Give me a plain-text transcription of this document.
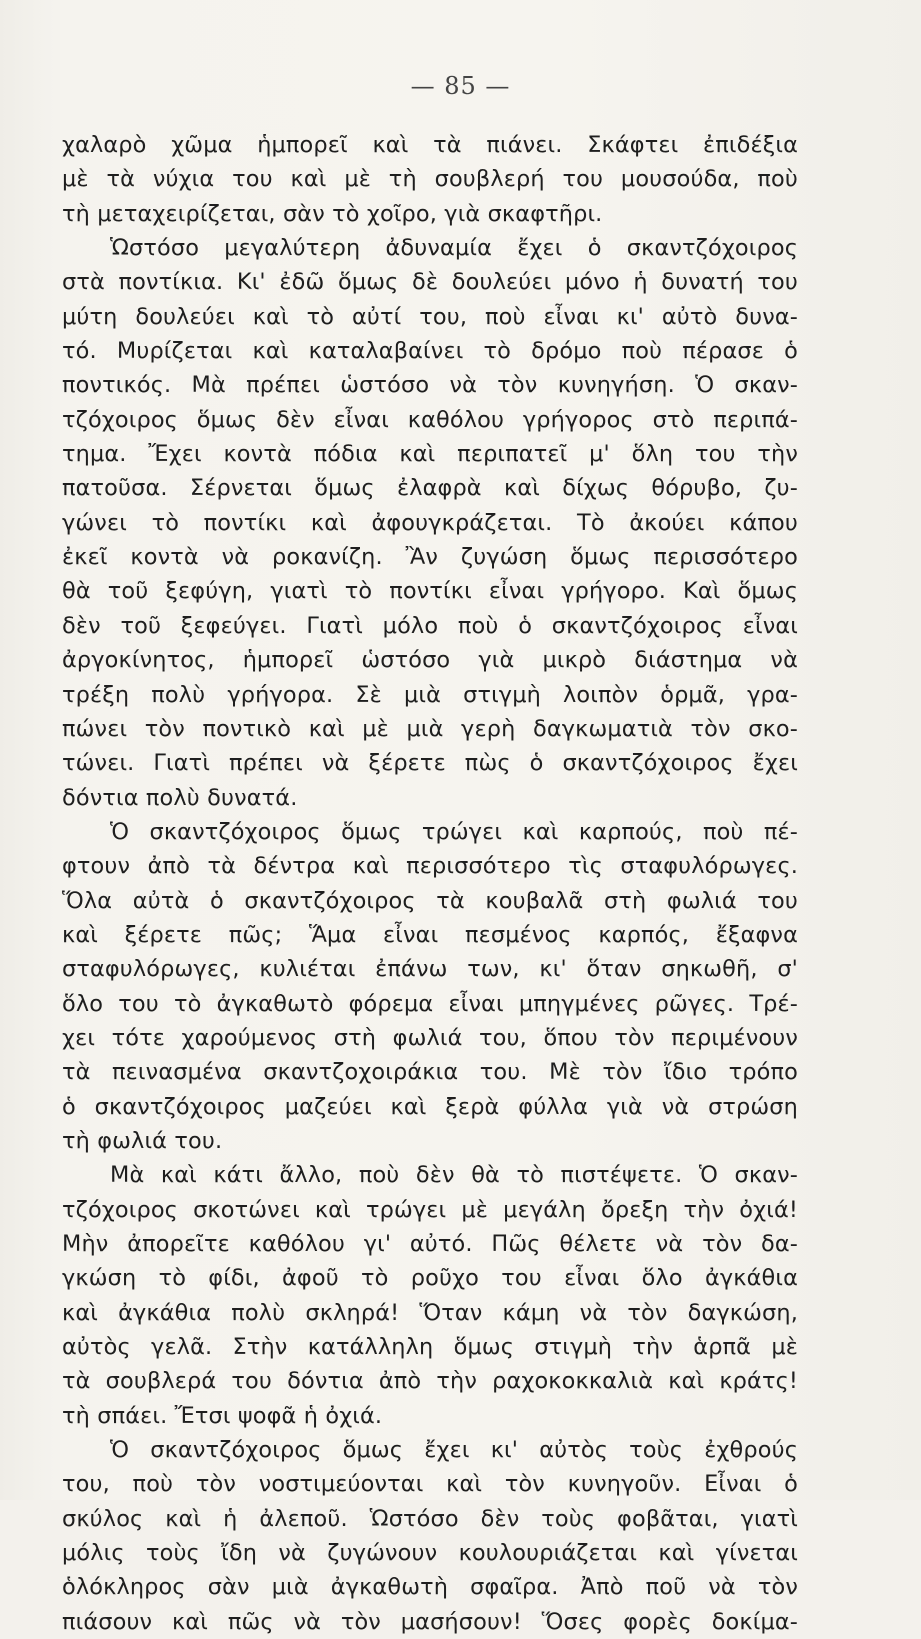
— 85 —
χαλαρὸ χῶμα ἡμπορεῖ καὶ τὰ πιάνει. Σκάφτει ἐπιδέξια
μὲ τὰ νύχια του καὶ μὲ τὴ σουβλερή του μουσούδα, ποὺ
τὴ μεταχειρίζεται, σὰν τὸ χοῖρο, γιὰ σκαφτῆρι.
Ὡστόσο μεγαλύτερη ἀδυναμία ἔχει ὁ σκαντζόχοιρος
στὰ ποντίκια. Κι' ἐδῶ ὅμως δὲ δουλεύει μόνο ἡ δυνατή του
μύτη δουλεύει καὶ τὸ αὐτί του, ποὺ εἶναι κι' αὐτὸ δυνα-
τό. Μυρίζεται καὶ καταλαβαίνει τὸ δρόμο ποὺ πέρασε ὁ
ποντικός. Μὰ πρέπει ὡστόσο νὰ τὸν κυνηγήση. Ὁ σκαν-
τζόχοιρος ὅμως δὲν εἶναι καθόλου γρήγορος στὸ περιπά-
τημα. Ἔχει κοντὰ πόδια καὶ περιπατεῖ μ' ὅλη του τὴν
πατοῦσα. Σέρνεται ὅμως ἐλαφρὰ καὶ δίχως θόρυβο, ζυ-
γώνει τὸ ποντίκι καὶ ἀφουγκράζεται. Τὸ ἀκούει κάπου
ἐκεῖ κοντὰ νὰ ροκανίζη. Ἂν ζυγώση ὅμως περισσότερο
θὰ τοῦ ξεφύγη, γιατὶ τὸ ποντίκι εἶναι γρήγορο. Καὶ ὅμως
δὲν τοῦ ξεφεύγει. Γιατὶ μόλο ποὺ ὁ σκαντζόχοιρος εἶναι
ἀργοκίνητος, ἡμπορεῖ ὡστόσο γιὰ μικρὸ διάστημα νὰ
τρέξη πολὺ γρήγορα. Σὲ μιὰ στιγμὴ λοιπὸν ὁρμᾶ, γρα-
πώνει τὸν ποντικὸ καὶ μὲ μιὰ γερὴ δαγκωματιὰ τὸν σκο-
τώνει. Γιατὶ πρέπει νὰ ξέρετε πὼς ὁ σκαντζόχοιρος ἔχει
δόντια πολὺ δυνατά.
Ὁ σκαντζόχοιρος ὅμως τρώγει καὶ καρπούς, ποὺ πέ-
φτουν ἀπὸ τὰ δέντρα καὶ περισσότερο τὶς σταφυλόρωγες.
Ὅλα αὐτὰ ὁ σκαντζόχοιρος τὰ κουβαλᾶ στὴ φωλιά του
καὶ ξέρετε πῶς; Ἅμα εἶναι πεσμένος καρπός, ἔξαφνα
σταφυλόρωγες, κυλιέται ἐπάνω των, κι' ὅταν σηκωθῆ, σ'
ὅλο του τὸ ἀγκαθωτὸ φόρεμα εἶναι μπηγμένες ρῶγες. Τρέ-
χει τότε χαρούμενος στὴ φωλιά του, ὅπου τὸν περιμένουν
τὰ πεινασμένα σκαντζοχοιράκια του. Μὲ τὸν ἴδιο τρόπο
ὁ σκαντζόχοιρος μαζεύει καὶ ξερὰ φύλλα γιὰ νὰ στρώση
τὴ φωλιά του.
Μὰ καὶ κάτι ἄλλο, ποὺ δὲν θὰ τὸ πιστέψετε. Ὁ σκαν-
τζόχοιρος σκοτώνει καὶ τρώγει μὲ μεγάλη ὄρεξη τὴν ὀχιά!
Μὴν ἀπορεῖτε καθόλου γι' αὐτό. Πῶς θέλετε νὰ τὸν δα-
γκώση τὸ φίδι, ἀφοῦ τὸ ροῦχο του εἶναι ὅλο ἀγκάθια
καὶ ἀγκάθια πολὺ σκληρά! Ὅταν κάμη νὰ τὸν δαγκώση,
αὐτὸς γελᾶ. Στὴν κατάλληλη ὅμως στιγμὴ τὴν ἁρπᾶ μὲ
τὰ σουβλερά του δόντια ἀπὸ τὴν ραχοκοκκαλιὰ καὶ κράτς!
τὴ σπάει. Ἔτσι ψοφᾶ ἡ ὀχιά.
Ὁ σκαντζόχοιρος ὅμως ἔχει κι' αὐτὸς τοὺς ἐχθρούς
του, ποὺ τὸν νοστιμεύονται καὶ τὸν κυνηγοῦν. Εἶναι ὁ
σκύλος καὶ ἡ ἀλεποῦ. Ὡστόσο δὲν τοὺς φοβᾶται, γιατὶ
μόλις τοὺς ἴδη νὰ ζυγώνουν κουλουριάζεται καὶ γίνεται
ὁλόκληρος σὰν μιὰ ἀγκαθωτὴ σφαῖρα. Ἀπὸ ποῦ νὰ τὸν
πιάσουν καὶ πῶς νὰ τὸν μασήσουν! Ὅσες φορὲς δοκίμα-
